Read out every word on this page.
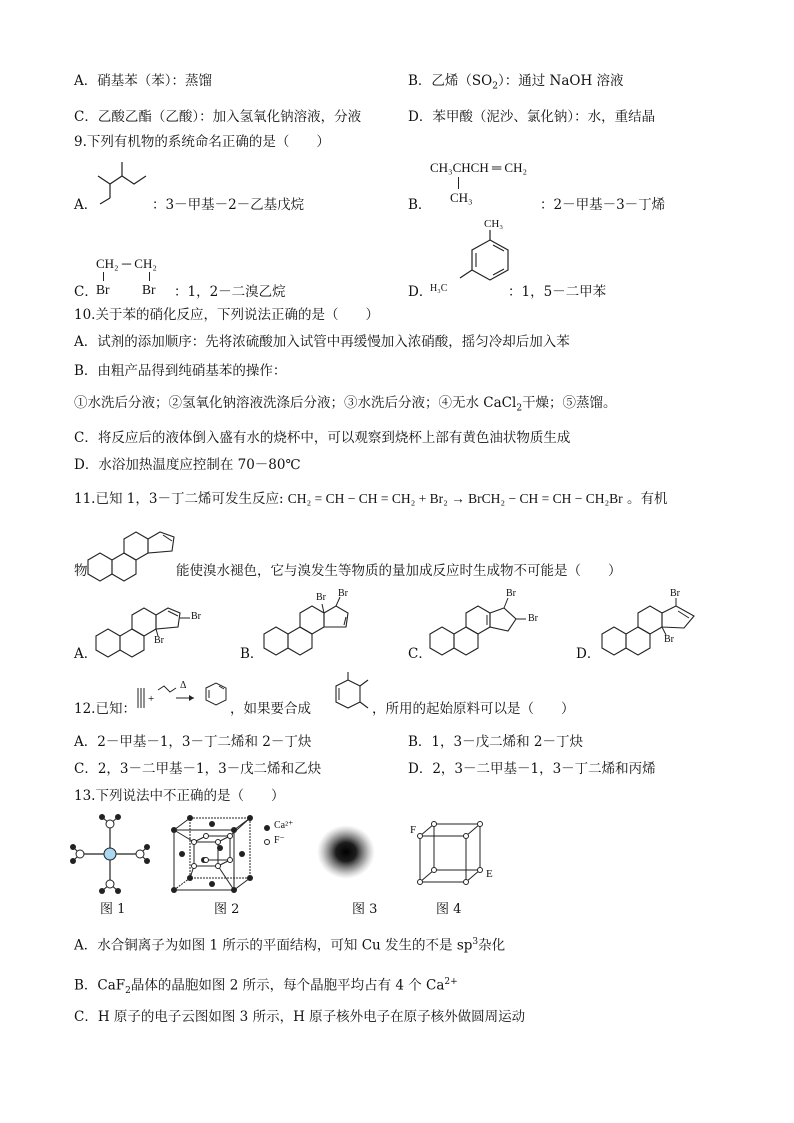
A．硝基苯（苯）：蒸馏	B．乙烯$(SO_2)$：通过 NaOH 溶液
C．乙酸乙酯（乙酸）：加入氢氧化钠溶液，分液	D．苯甲酸（泥沙、氯化钠）：水，重结晶
9.下列有机物的系统命名正确的是（　　）
A．	：3－甲基－2－乙基戊烷
CH₃CHCH ═ CH₂
CH₃
B．	：2－甲基－3－丁烯
CH₂ ─ CH₂
C．
Br Br ：1，2－二溴乙烷
CH₃
H₃C
D．	：1，5－二甲苯
10.关于苯的硝化反应，下列说法正确的是（　　）
A．试剂的添加顺序：先将浓硫酸加入试管中再缓慢加入浓硝酸，摇匀冷却后加入苯
B．由粗产品得到纯硝基苯的操作：
①水洗后分液；②氢氧化钠溶液洗涤后分液；③水洗后分液；④无水 CaCl$_2$干燥；⑤蒸馏。
C．将反应后的液体倒入盛有水的烧杯中，可以观察到烧杯上部有黄色油状物质生成
D．水浴加热温度应控制在 70－80℃
11.已知 1，3－丁二烯可发生反应: CH₂ = CH − CH = CH₂ + Br₂ → BrCH₂ − CH = CH − CH₂Br 。有机
物	能使溴水褪色，它与溴发生等物质的量加成反应时生成物不可能是（　　）
A．
Br
Br
B．
Br Br
C．
Br
Br
D．
Br
Br
12.已知：
+
Δ
，如果要合成	，所用的起始原料可以是（　　）
A．2－甲基－1，3－丁二烯和 2－丁炔	B．1，3－戊二烯和 2－丁炔
C．2，3－二甲基－1，3－戊二烯和乙炔	D．2，3－二甲基－1，3－丁二烯和丙烯
13.下列说法中不正确的是（　　）
图 1
Ca²⁺
F⁻
图 2	图 3
F
E
图 4
A．水合铜离子为如图 1 所示的平面结构，可知 Cu 发生的不是 $sp^3$杂化
B．CaF$_2$晶体的晶胞如图 2 所示，每个晶胞平均占有 4 个 $Ca^{2+}$
C．H 原子的电子云图如图 3 所示，H 原子核外电子在原子核外做圆周运动
